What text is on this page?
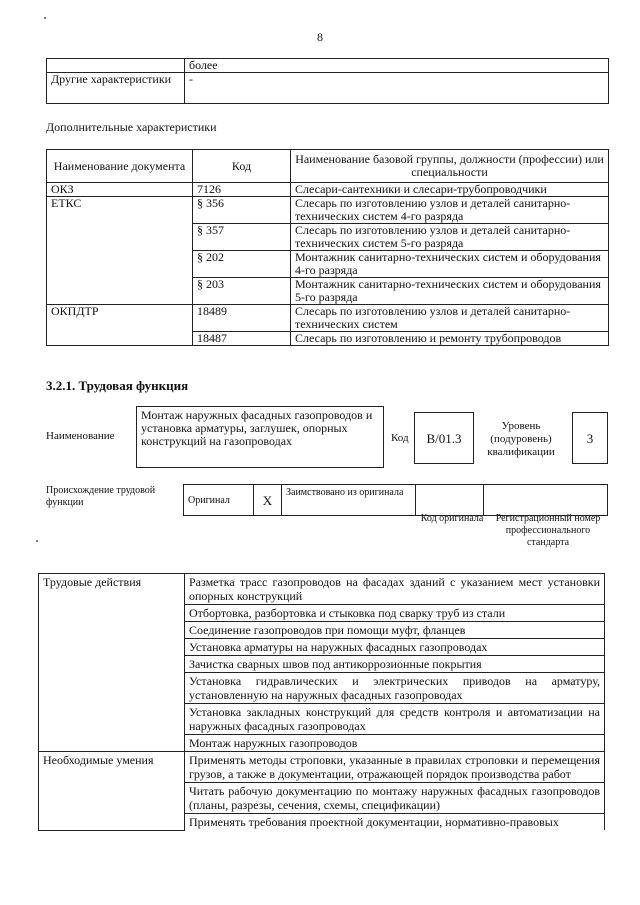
8
	более
Другие характеристики	-
Дополнительные характеристики
Наименование документа	Код	Наименование базовой группы, должности (профессии) или специальности
ОКЗ	7126	Слесари-сантехники и слесари-трубопроводчики
ЕТКС	§ 356	Слесарь по изготовлению узлов и деталей санитарно-технических систем 4-го разряда
	§ 357	Слесарь по изготовлению узлов и деталей санитарно-технических систем 5-го разряда
	§ 202	Монтажник санитарно-технических систем и оборудования 4-го разряда
	§ 203	Монтажник санитарно-технических систем и оборудования 5-го разряда
ОКПДТР	18489	Слесарь по изготовлению узлов и деталей санитарно-технических систем
	18487	Слесарь по изготовлению и ремонту трубопроводов
3.2.1. Трудовая функция
Наименование
Монтаж наружных фасадных газопроводов и установка арматуры, заглушек, опорных конструкций на газопроводах	Код	В/01.3
Уровень (подуровень) квалификации
3
Происхождение трудовой функции	Оригинал	X	Заимствовано из оригинала		
Код оригинала	Регистрационный номер профессионального стандарта
Трудовые действия	Разметка трасс газопроводов на фасадах зданий с указанием мест установки опорных конструкций
	Отбортовка, разбортовка и стыковка под сварку труб из стали
	Соединение газопроводов при помощи муфт, фланцев
	Установка арматуры на наружных фасадных газопроводах
	Зачистка сварных швов под антикоррозионные покрытия
	Установка гидравлических и электрических приводов на арматуру, установленную на наружных фасадных газопроводах
	Установка закладных конструкций для средств контроля и автоматизации на наружных фасадных газопроводах
	Монтаж наружных газопроводов
Необходимые умения	Применять методы строповки, указанные в правилах строповки и перемещения грузов, а также в документации, отражающей порядок производства работ
	Читать рабочую документацию по монтажу наружных фасадных газопроводов (планы, разрезы, сечения, схемы, спецификации)
	Применять требования проектной документации, нормативно-правовых
